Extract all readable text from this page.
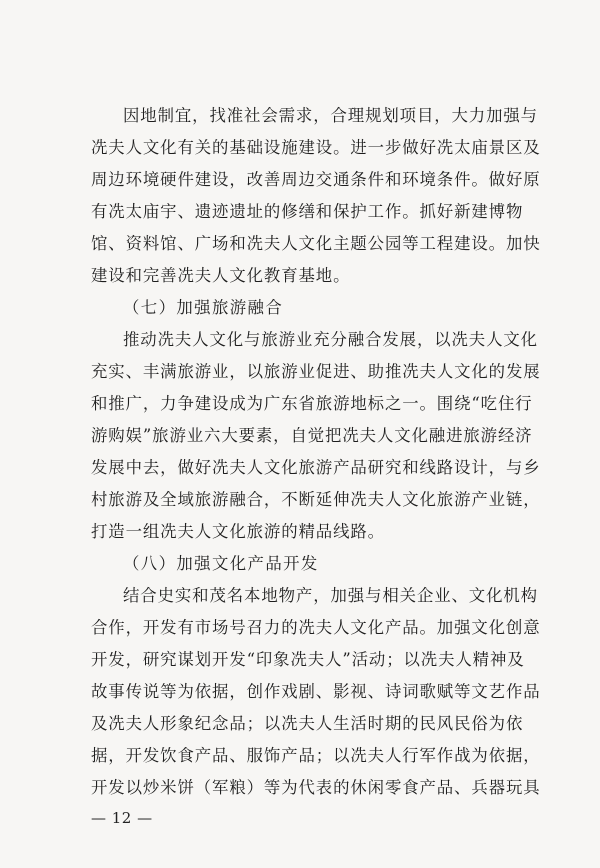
因地制宜，找准社会需求，合理规划项目，大力加强与
冼夫人文化有关的基础设施建设。进一步做好冼太庙景区及
周边环境硬件建设，改善周边交通条件和环境条件。做好原
有冼太庙宇、遗迹遗址的修缮和保护工作。抓好新建博物
馆、资料馆、广场和冼夫人文化主题公园等工程建设。加快
建设和完善冼夫人文化教育基地。
（七）加强旅游融合
推动冼夫人文化与旅游业充分融合发展，以冼夫人文化
充实、丰满旅游业，以旅游业促进、助推冼夫人文化的发展
和推广，力争建设成为广东省旅游地标之一。围绕“吃住行
游购娱”旅游业六大要素，自觉把冼夫人文化融进旅游经济
发展中去，做好冼夫人文化旅游产品研究和线路设计，与乡
村旅游及全域旅游融合，不断延伸冼夫人文化旅游产业链，
打造一组冼夫人文化旅游的精品线路。
（八）加强文化产品开发
结合史实和茂名本地物产，加强与相关企业、文化机构
合作，开发有市场号召力的冼夫人文化产品。加强文化创意
开发，研究谋划开发“印象冼夫人”活动；以冼夫人精神及
故事传说等为依据，创作戏剧、影视、诗词歌赋等文艺作品
及冼夫人形象纪念品；以冼夫人生活时期的民风民俗为依
据，开发饮食产品、服饰产品；以冼夫人行军作战为依据，
开发以炒米饼（军粮）等为代表的休闲零食产品、兵器玩具
— 12 —
